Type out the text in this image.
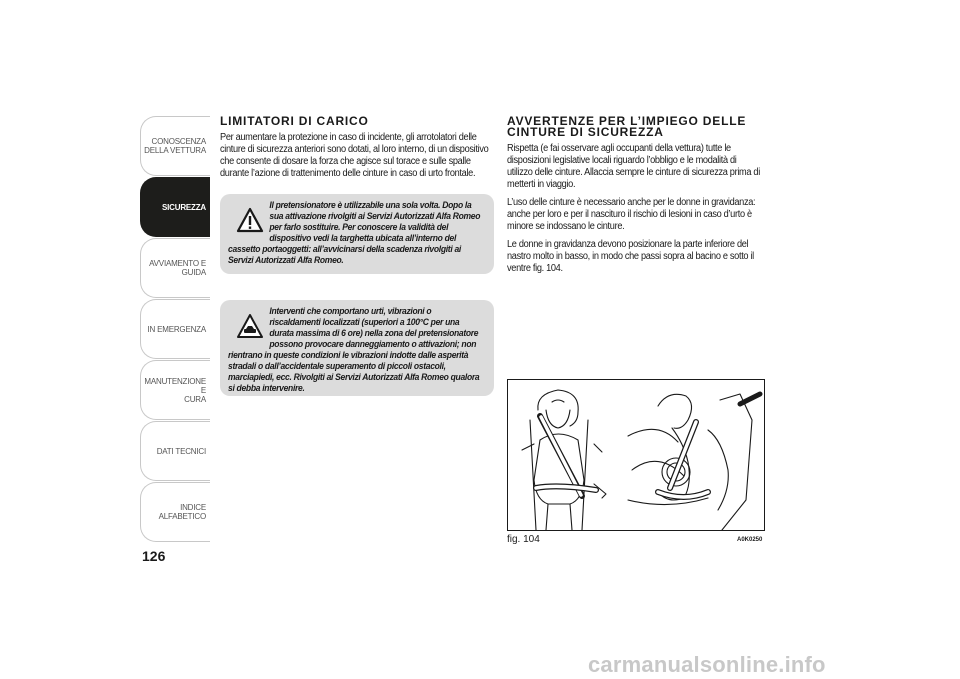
CONOSCENZA
DELLA VETTURA
SICUREZZA
AVVIAMENTO E
GUIDA
IN EMERGENZA
MANUTENZIONE E
CURA
DATI TECNICI
INDICE ALFABETICO
126
LIMITATORI DI CARICO

Per aumentare la protezione in caso di incidente, gli arrotolatori delle cinture di sicurezza anteriori sono dotati, al loro interno, di un dispositivo che consente di dosare la forza che agisce sul torace e sulle spalle durante l’azione di trattenimento delle cinture in caso di urto frontale.

Il pretensionatore è utilizzabile una sola volta. Dopo la sua attivazione rivolgiti ai Servizi Autorizzati Alfa Romeo per farlo sostituire. Per conoscere la validità del dispositivo vedi la targhetta ubicata all’interno del cassetto portaoggetti: all’avvicinarsi della scadenza rivolgiti ai Servizi Autorizzati Alfa Romeo.
Interventi che comportano urti, vibrazioni o riscaldamenti localizzati (superiori a 100°C per una durata massima di 6 ore) nella zona del pretensionatore possono provocare danneggiamento o attivazioni; non rientrano in queste condizioni le vibrazioni indotte dalle asperità stradali o dall’accidentale superamento di piccoli ostacoli, marciapiedi, ecc. Rivolgiti ai Servizi Autorizzati Alfa Romeo qualora si debba intervenire.
AVVERTENZE PER L’IMPIEGO DELLE
CINTURE DI SICUREZZA

Rispetta (e fai osservare agli occupanti della vettura) tutte le disposizioni legislative locali riguardo l’obbligo e le modalità di utilizzo delle cinture. Allaccia sempre le cinture di sicurezza prima di metterti in viaggio.

L’uso delle cinture è necessario anche per le donne in gravidanza: anche per loro e per il nascituro il rischio di lesioni in caso d’urto è minore se indossano le cinture.

Le donne in gravidanza devono posizionare la parte inferiore del nastro molto in basso, in modo che passi sopra al bacino e sotto il ventre fig. 104.

fig. 104	A0K0250
carmanualsonline.info
